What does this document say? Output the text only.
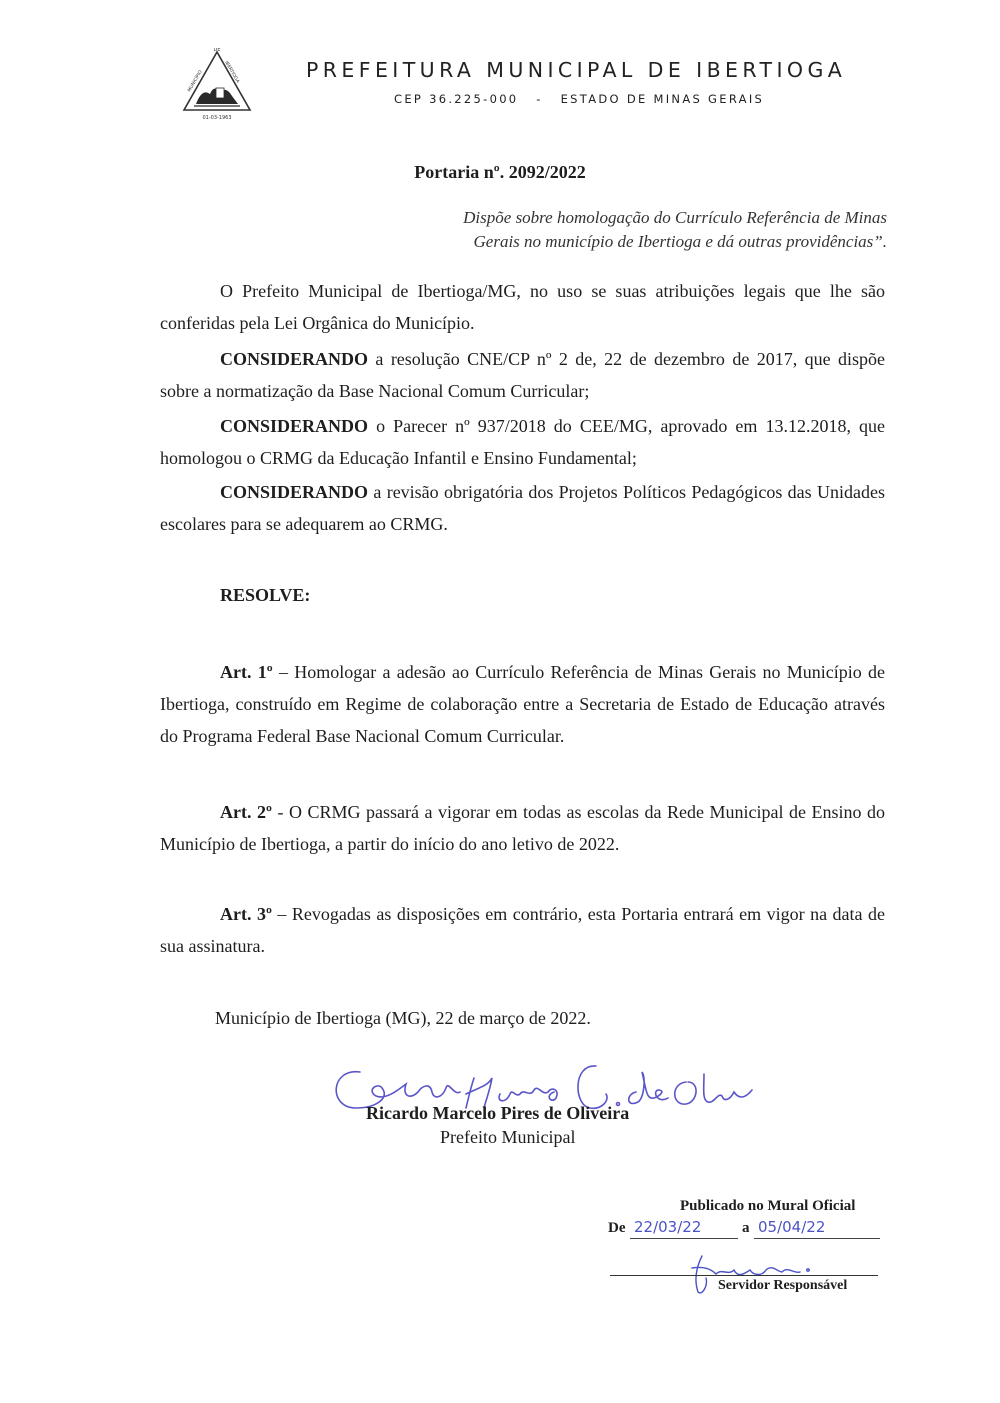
DE
MUNICÍPIO	IBERTIOGA
01-03-1963
PREFEITURA MUNICIPAL DE IBERTIOGA
CEP 36.225-000   -   ESTADO DE MINAS GERAIS
Portaria nº. 2092/2022
Dispõe sobre homologação do Currículo Referência de Minas
Gerais no município de Ibertioga e dá outras providências”.
O Prefeito Municipal de Ibertioga/MG, no uso se suas atribuições legais que lhe são conferidas pela Lei Orgânica do Município.
CONSIDERANDO a resolução CNE/CP nº 2 de, 22 de dezembro de 2017, que dispõe sobre a normatização da Base Nacional Comum Curricular;
CONSIDERANDO o Parecer nº 937/2018 do CEE/MG, aprovado em 13.12.2018, que homologou o CRMG da Educação Infantil e Ensino Fundamental;
CONSIDERANDO a revisão obrigatória dos Projetos Políticos Pedagógicos das Unidades escolares para se adequarem ao CRMG.
RESOLVE:
Art. 1º – Homologar a adesão ao Currículo Referência de Minas Gerais no Município de Ibertioga, construído em Regime de colaboração entre a Secretaria de Estado de Educação através do Programa Federal Base Nacional Comum Curricular.
Art. 2º - O CRMG passará a vigorar em todas as escolas da Rede Municipal de Ensino do Município de Ibertioga, a partir do início do ano letivo de 2022.
Art. 3º – Revogadas as disposições em contrário, esta Portaria entrará em vigor na data de sua assinatura.
Município de Ibertioga (MG), 22 de março de 2022.
Ricardo Marcelo Pires de Oliveira
Prefeito Municipal
Publicado no Mural Oficial
De 22/03/22	a 05/04/22
Servidor Responsável
